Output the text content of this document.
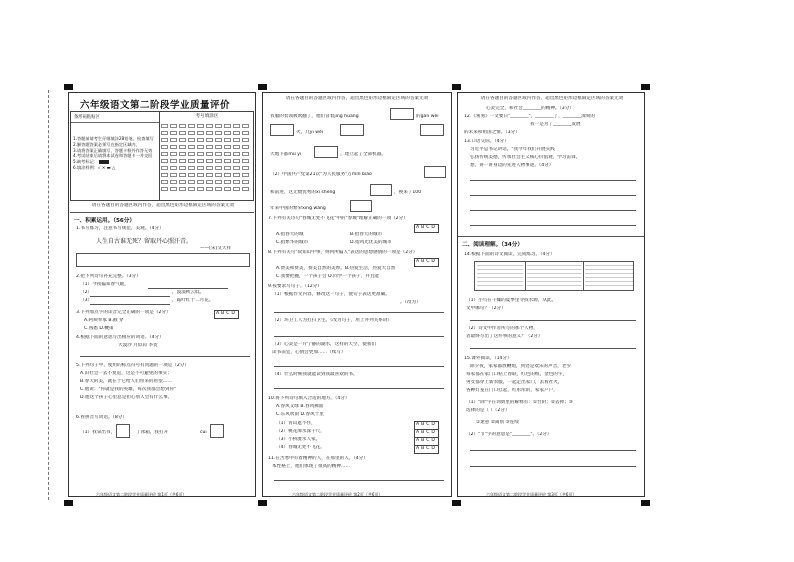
六年级语文第二阶段学业质量评价
条形码粘贴区
1.答题前请考生仔细填涂2B铅笔，检查填写
2.解答题答案必须写在指定区域内，
3.请将答案正确填写，答题卡框外作答无效
4.考试结束后请将本试卷和答题卡一并交回
5.缺考标记：
6.填涂样例：√ ✕ ▬ △
考号填涂区
请在各题目的答题区域内作答，超出黑色矩形边框限定区域的答案无效
一、积累运用。（56分）
1.书写练习，注意书写规范，美观。（4分）
人生自古谁无死？留取丹心照汗青。
——[宋]文天祥
2.把下列诗句补充完整。（3分）
（1）今夜偏知春气暖，
（2）	，漠漠秋云低。
（3）	，霜叶红于二月花。
3.下列加点字的读音完全正确的一项是（2分）	ABCD
A.阿谀奉承 B.戳 穿
C.熟悉 D.鞭策
4.根据下面的意思写出相应的词语。（4分）
大漠沙 月似钩 李贺
5.下列句子中，使用的标点符号有问题的一项是（2分）
A.旧社会一去不复返，这是不可避免的事实；
B.春天的美，就在于它给人们带来的希望……
C.他说："你就是我的英雄，每次我都会想到你"
D.他这个孩子心里总是担心别人会有什么事。
6.看拼音写词语。（8分）
（1）我拿出书，	了冰箱，我打开	cui
六年级语文第二阶段学业质量评价 第1页（共6页）
请在各题目的答题区域内作答，超出黑色矩形边框限定区域的答案无效
衣服的衣领被吹翻了，他们冒着jing huang	的gan wèi
火，几yi wéi
大地下都mǔ yi	。建立起了全部机器。
（2）中国共产党第21次"为人民服务"万mǐn biāo
和前进，这无数优秀的xì shēng	，换来了100
年来中国的繁荣xīng wàng
7.下列有关诗句"春城无处不飞花"中的"春城"理解正确的一项（2分）
ABCD
A.指春天的城	B.指春天的城市
C.指繁华的城市	D.指风光优美的城市
8.下列有关句"故知山中事，则何所偏人"表达的思想感情的一项是（2分）
ABCD
A.赞美和赞美，赞美自然的美妙。B.热爱生活，热爱大自然
C.我要把握，一个孩子会 D.同学一个孩子，并且能
9.按要求写句子。（12分）
（1）根据作文内容，修改这一句子，使句子表达更准确。
。（改为）
（2）环卫工人为打扫卫生。（改为句子，用上并列关系词）
（3）心灵是一片宁静的湖水，这样的天空，使我们
读书前宜，心情会更加……（续写）
（4）什么时候我就能读到我最喜欢的书。
10.将下列诗句填入合适的地方。（4分）
A.春风又绿 B.春风拂面
C.东风吹雨 D.春风十里
（1）青山遮不住，	ABCD
（2）桃花潭水深千尺，	ABCD
（3）小桥流水人家，	ABCD
（4）春城无处不飞花。	ABCD
11.在苦寒中有着精神的人，在那里的人。（4分）
本性格上，他们体现了很高的精神……
六年级语文第二阶段学业质量评价 第2页（共6页）
请在各题目的答题区域内作答，超出黑色矩形边框限定区域的答案无效
心灵完全，和社会________的精神。（3分）
12.《匆匆》一文要日"________"，________了，________深刻的
我一是为了________发展
的未来和祖国之情。（3分）
13.口语交际。（4分）
习近平总书记讲话，"我今年我们开展实践
弘扬传统美德，传承社会主义核心价值观，学习雷锋，
想，讲一讲身边的先进人物事迹。（4分）
二、阅读理解。（34分）
14.根据下面的诗文阅读，完成练习。（4分）
（1）小鸟在干燥的夏季里寻找水源，从此，
文中哪句？（2分）
（2）诗文中作者所写的那个人物，
者最终写出了这件事的意义？（2分）
15.课外阅读。（14分）
除夕夜，家家都放鞭炮，到处是欢乐的声音，老少
每家都在家门口贴上春联，红色的纸，金色的字，
男女都穿上新衣服，一起走出家门，去看社火，
各种灯笼在门口挂起，红彤彤的，家家户户，
（1）"除"字在词典里的解释有：①台阶；②去掉；③
选择的是（ ）（2分）
①迷惑 ②离别 ③连续
（2）"节"字的意思是"________"。（2分）
六年级语文第二阶段学业质量评价 第3页（共6页）
